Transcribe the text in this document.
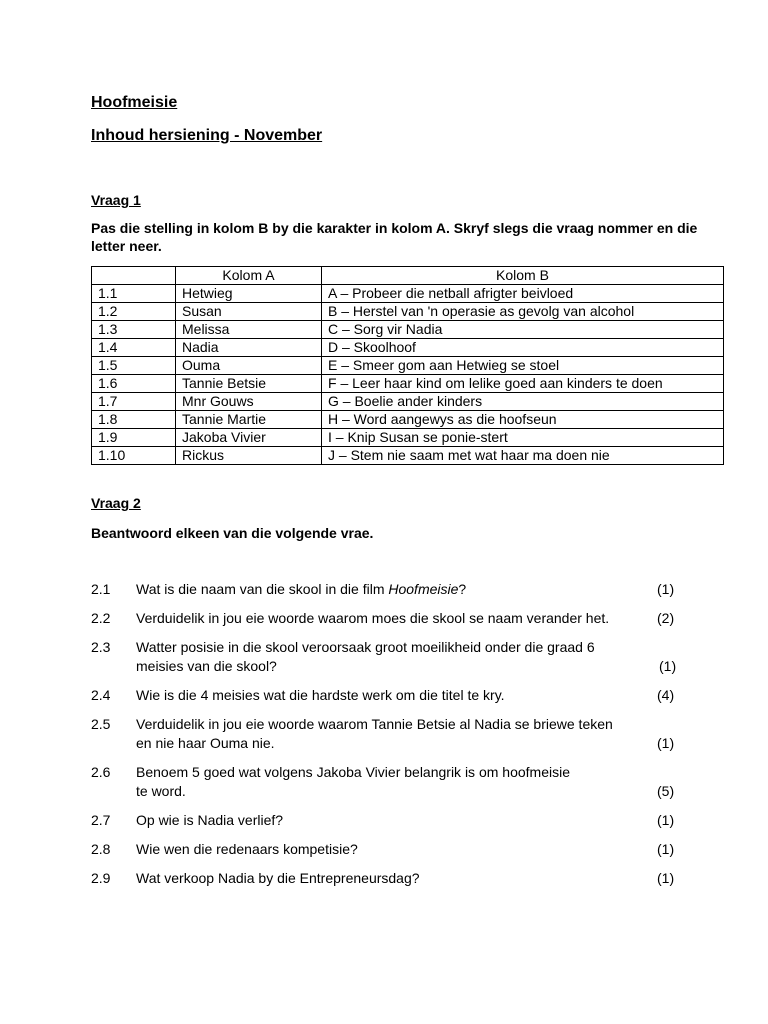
Hoofmeisie
Inhoud hersiening - November
Vraag 1
Pas die stelling in kolom B by die karakter in kolom A. Skryf slegs die vraag nommer en die letter neer.
	Kolom A	Kolom B
1.1	Hetwieg	A – Probeer die netball afrigter beivloed
1.2	Susan	B – Herstel van 'n operasie as gevolg van alcohol
1.3	Melissa	C – Sorg vir Nadia
1.4	Nadia	D – Skoolhoof
1.5	Ouma	E – Smeer gom aan Hetwieg se stoel
1.6	Tannie Betsie	F – Leer haar kind om lelike goed aan kinders te doen
1.7	Mnr Gouws	G – Boelie ander kinders
1.8	Tannie Martie	H – Word aangewys as die hoofseun
1.9	Jakoba Vivier	I – Knip Susan se ponie-stert
1.10	Rickus	J – Stem nie saam met wat haar ma doen nie
Vraag 2
Beantwoord elkeen van die volgende vrae.
2.1 Wat is die naam van die skool in die film Hoofmeisie?	(1)
2.2 Verduidelik in jou eie woorde waarom moes die skool se naam verander het.	(2)
2.3 Watter posisie in die skool veroorsaak groot moeilikheid onder die graad 6
meisies van die skool?	(1)
2.4 Wie is die 4 meisies wat die hardste werk om die titel te kry.	(4)
2.5 Verduidelik in jou eie woorde waarom Tannie Betsie al Nadia se briewe teken
en nie haar Ouma nie.	(1)
2.6 Benoem 5 goed wat volgens Jakoba Vivier belangrik is om hoofmeisie
te word.	(5)
2.7 Op wie is Nadia verlief?	(1)
2.8 Wie wen die redenaars kompetisie?	(1)
2.9 Wat verkoop Nadia by die Entrepreneursdag?	(1)
